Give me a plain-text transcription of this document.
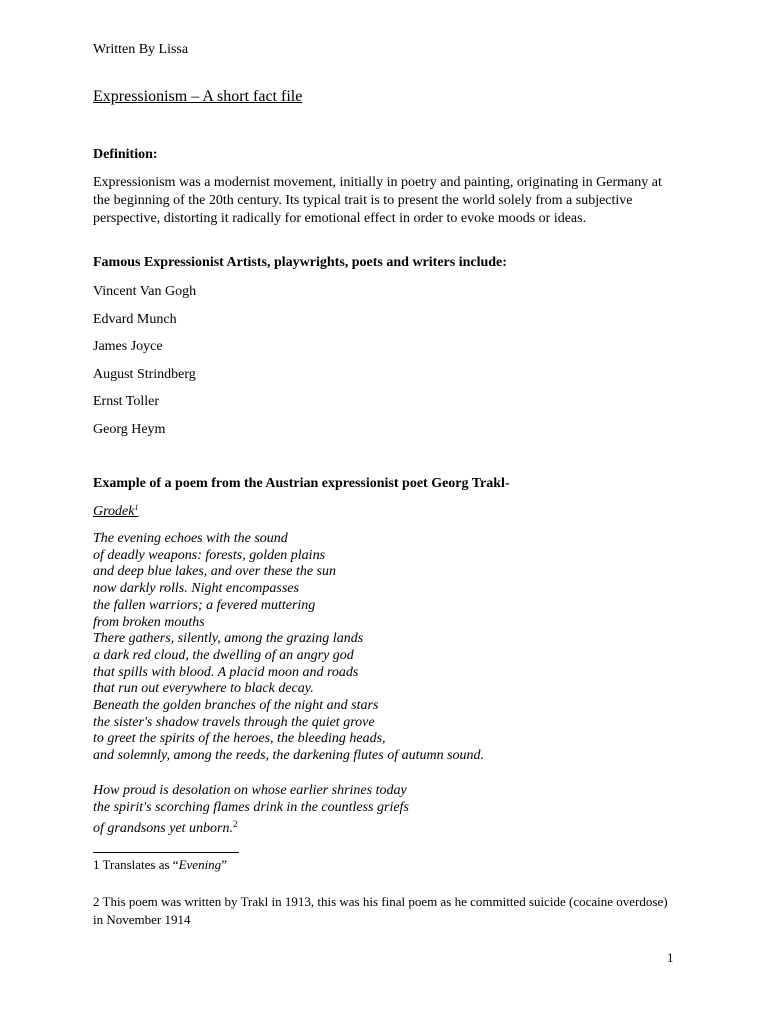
Written By Lissa
Expressionism – A short fact file
Definition:
Expressionism was a modernist movement, initially in poetry and painting, originating in Germany at the beginning of the 20th century. Its typical trait is to present the world solely from a subjective perspective, distorting it radically for emotional effect in order to evoke moods or ideas.
Famous Expressionist Artists, playwrights, poets and writers include:
Vincent Van Gogh
Edvard Munch
James Joyce
August Strindberg
Ernst Toller
Georg Heym
Example of a poem from the Austrian expressionist poet Georg Trakl-
Grodek$^1$
The evening echoes with the sound
of deadly weapons: forests, golden plains
and deep blue lakes, and over these the sun
now darkly rolls. Night encompasses
the fallen warriors; a fevered muttering
from broken mouths
There gathers, silently, among the grazing lands
a dark red cloud, the dwelling of an angry god
that spills with blood. A placid moon and roads
that run out everywhere to black decay.
Beneath the golden branches of the night and stars
the sister's shadow travels through the quiet grove
to greet the spirits of the heroes, the bleeding heads,
and solemnly, among the reeds, the darkening flutes of autumn sound.
How proud is desolation on whose earlier shrines today
the spirit's scorching flames drink in the countless griefs
of grandsons yet unborn.$^2$
1 Translates as “Evening”
2 This poem was written by Trakl in 1913, this was his final poem as he committed suicide (cocaine overdose) in November 1914
1
